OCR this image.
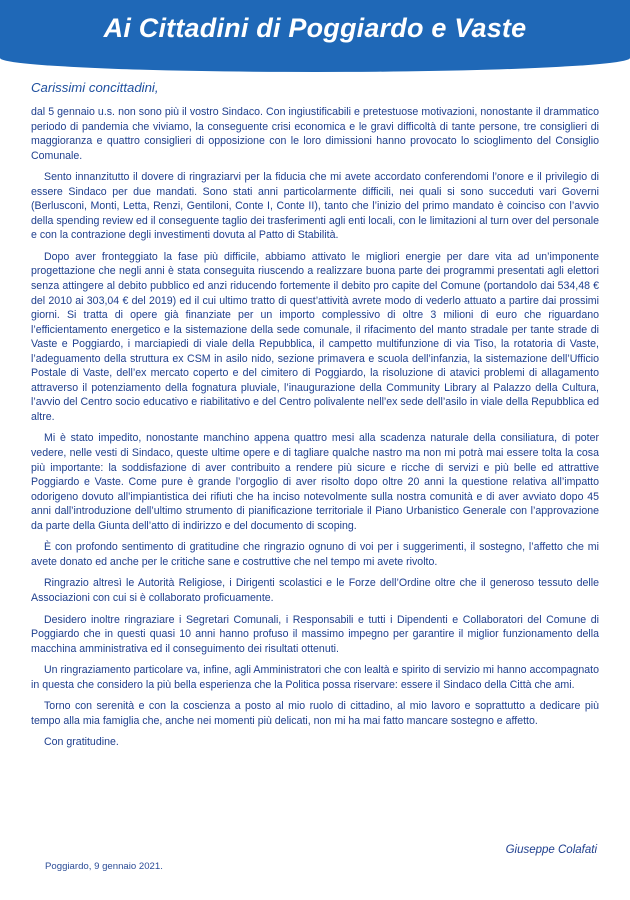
Ai Cittadini di Poggiardo e Vaste

Carissimi concittadini,

dal 5 gennaio u.s. non sono più il vostro Sindaco. Con ingiustificabili e pretestuose motivazioni, nonostante il drammatico periodo di pandemia che viviamo, la conseguente crisi economica e le gravi difficoltà di tante persone, tre consiglieri di maggioranza e quattro consiglieri di opposizione con le loro dimissioni hanno provocato lo scioglimento del Consiglio Comunale.

Sento innanzitutto il dovere di ringraziarvi per la fiducia che mi avete accordato conferendomi l’onore e il privilegio di essere Sindaco per due mandati. Sono stati anni particolarmente difficili, nei quali si sono succeduti vari Governi (Berlusconi, Monti, Letta, Renzi, Gentiloni, Conte I, Conte II), tanto che l’inizio del primo mandato è coinciso con l’avvio della spending review ed il conseguente taglio dei trasferimenti agli enti locali, con le limitazioni al turn over del personale e con la contrazione degli investimenti dovuta al Patto di Stabilità.

Dopo aver fronteggiato la fase più difficile, abbiamo attivato le migliori energie per dare vita ad un’imponente progettazione che negli anni è stata conseguita riuscendo a realizzare buona parte dei programmi presentati agli elettori senza attingere al debito pubblico ed anzi riducendo fortemente il debito pro capite del Comune (portandolo dai 534,48 € del 2010 ai 303,04 € del 2019) ed il cui ultimo tratto di quest’attività avrete modo di vederlo attuato a partire dai prossimi giorni. Si tratta di opere già finanziate per un importo complessivo di oltre 3 milioni di euro che riguardano l’efficientamento energetico e la sistemazione della sede comunale, il rifacimento del manto stradale per tante strade di Vaste e Poggiardo, i marciapiedi di viale della Repubblica, il campetto multifunzione di via Tiso, la rotatoria di Vaste, l’adeguamento della struttura ex CSM in asilo nido, sezione primavera e scuola dell’infanzia, la sistemazione dell’Ufficio Postale di Vaste, dell’ex mercato coperto e del cimitero di Poggiardo, la risoluzione di atavici problemi di allagamento attraverso il potenziamento della fognatura pluviale, l’inaugurazione della Community Library al Palazzo della Cultura, l’avvio del Centro socio educativo e riabilitativo e del Centro polivalente nell’ex sede dell’asilo in viale della Repubblica ed altre.

Mi è stato impedito, nonostante manchino appena quattro mesi alla scadenza naturale della consiliatura, di poter vedere, nelle vesti di Sindaco, queste ultime opere e di tagliare qualche nastro ma non mi potrà mai essere tolta la cosa più importante: la soddisfazione di aver contribuito a rendere più sicure e ricche di servizi e più belle ed attrattive Poggiardo e Vaste. Come pure è grande l’orgoglio di aver risolto dopo oltre 20 anni la questione relativa all’impatto odorigeno dovuto all’impiantistica dei rifiuti che ha inciso notevolmente sulla nostra comunità e di aver avviato dopo 45 anni dall’introduzione dell’ultimo strumento di pianificazione territoriale il Piano Urbanistico Generale con l’approvazione da parte della Giunta dell’atto di indirizzo e del documento di scoping.

È con profondo sentimento di gratitudine che ringrazio ognuno di voi per i suggerimenti, il sostegno, l’affetto che mi avete donato ed anche per le critiche sane e costruttive che nel tempo mi avete rivolto.

Ringrazio altresì le Autorità Religiose, i Dirigenti scolastici e le Forze dell’Ordine oltre che il generoso tessuto delle Associazioni con cui si è collaborato proficuamente.

Desidero inoltre ringraziare i Segretari Comunali, i Responsabili e tutti i Dipendenti e Collaboratori del Comune di Poggiardo che in questi quasi 10 anni hanno profuso il massimo impegno per garantire il miglior funzionamento della macchina amministrativa ed il conseguimento dei risultati ottenuti.

Un ringraziamento particolare va, infine, agli Amministratori che con lealtà e spirito di servizio mi hanno accompagnato in questa che considero la più bella esperienza che la Politica possa riservare: essere il Sindaco della Città che ami.

Torno con serenità e con la coscienza a posto al mio ruolo di cittadino, al mio lavoro e soprattutto a dedicare più tempo alla mia famiglia che, anche nei momenti più delicati, non mi ha mai fatto mancare sostegno e affetto.

Con gratitudine.

Giuseppe Colafati
Poggiardo, 9 gennaio 2021.
